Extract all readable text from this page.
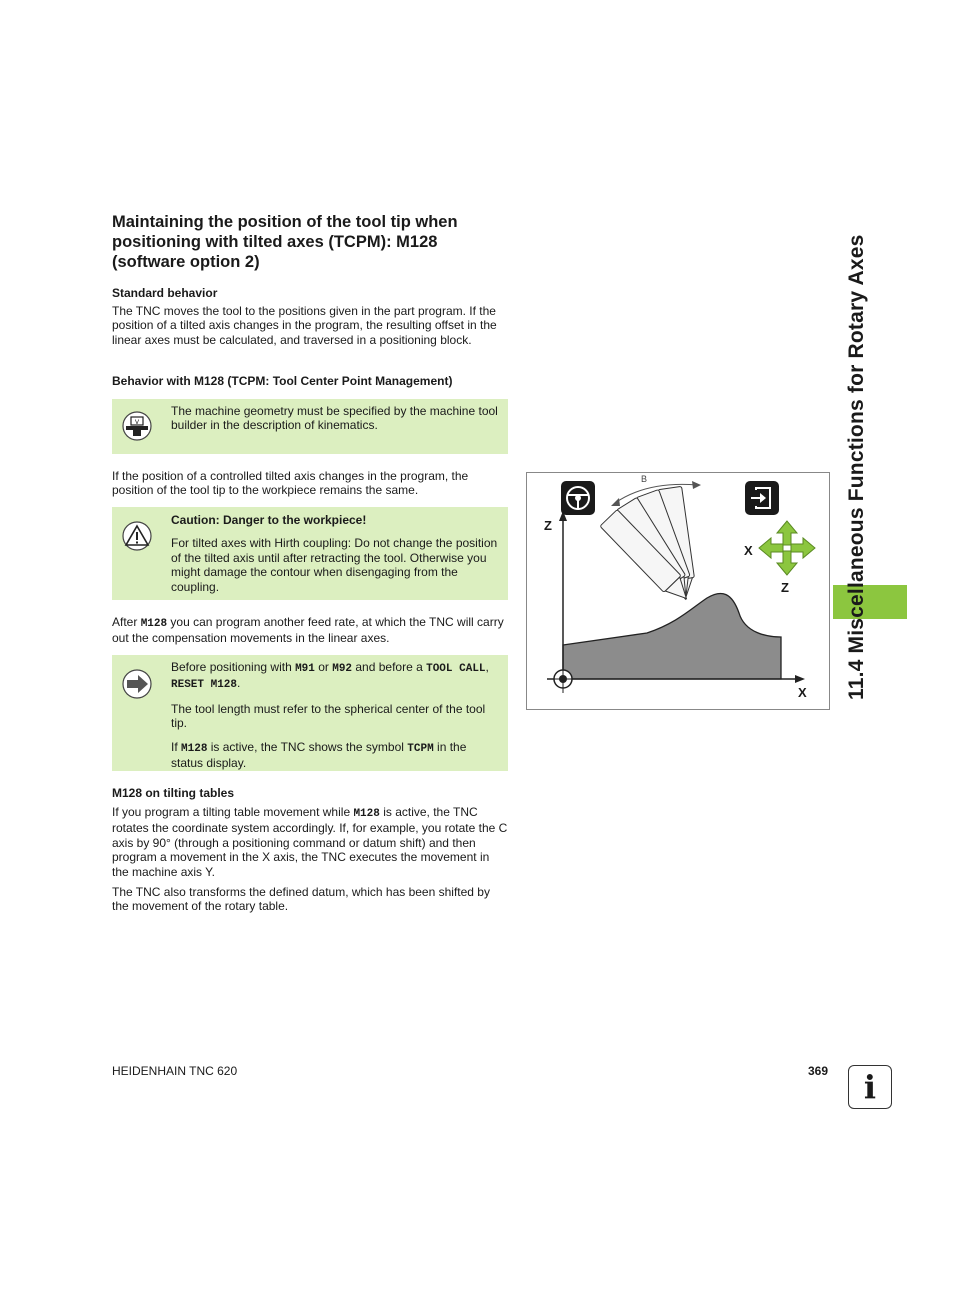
Maintaining the position of the tool tip when positioning with tilted axes (TCPM): M128 (software option 2)

Standard behavior

The TNC moves the tool to the positions given in the part program. If the position of a tilted axis changes in the program, the resulting offset in the linear axes must be calculated, and traversed in a positioning block.

Behavior with M128 (TCPM: Tool Center Point Management)

V
The machine geometry must be specified by the machine tool builder in the description of kinematics.

If the position of a controlled tilted axis changes in the program, the position of the tool tip to the workpiece remains the same.

Caution: Danger to the workpiece!

For tilted axes with Hirth coupling: Do not change the position of the tilted axis until after retracting the tool. Otherwise you might damage the contour when disengaging from the coupling.

After M128 you can program another feed rate, at which the TNC will carry out the compensation movements in the linear axes.

Before positioning with M91 or M92 and before a TOOL CALL, RESET M128.

The tool length must refer to the spherical center of the tool tip.

If M128 is active, the TNC shows the symbol TCPM in the status display.

M128 on tilting tables

If you program a tilting table movement while M128 is active, the TNC rotates the coordinate system accordingly. If, for example, you rotate the C axis by 90° (through a positioning command or datum shift) and then program a movement in the X axis, the TNC executes the movement in the machine axis Y.

The TNC also transforms the defined datum, which has been shifted by the movement of the rotary table.

Z
X
B
X
Z	11.4 Miscellaneous Functions for Rotary Axes
HEIDENHAIN TNC 620	369	i
